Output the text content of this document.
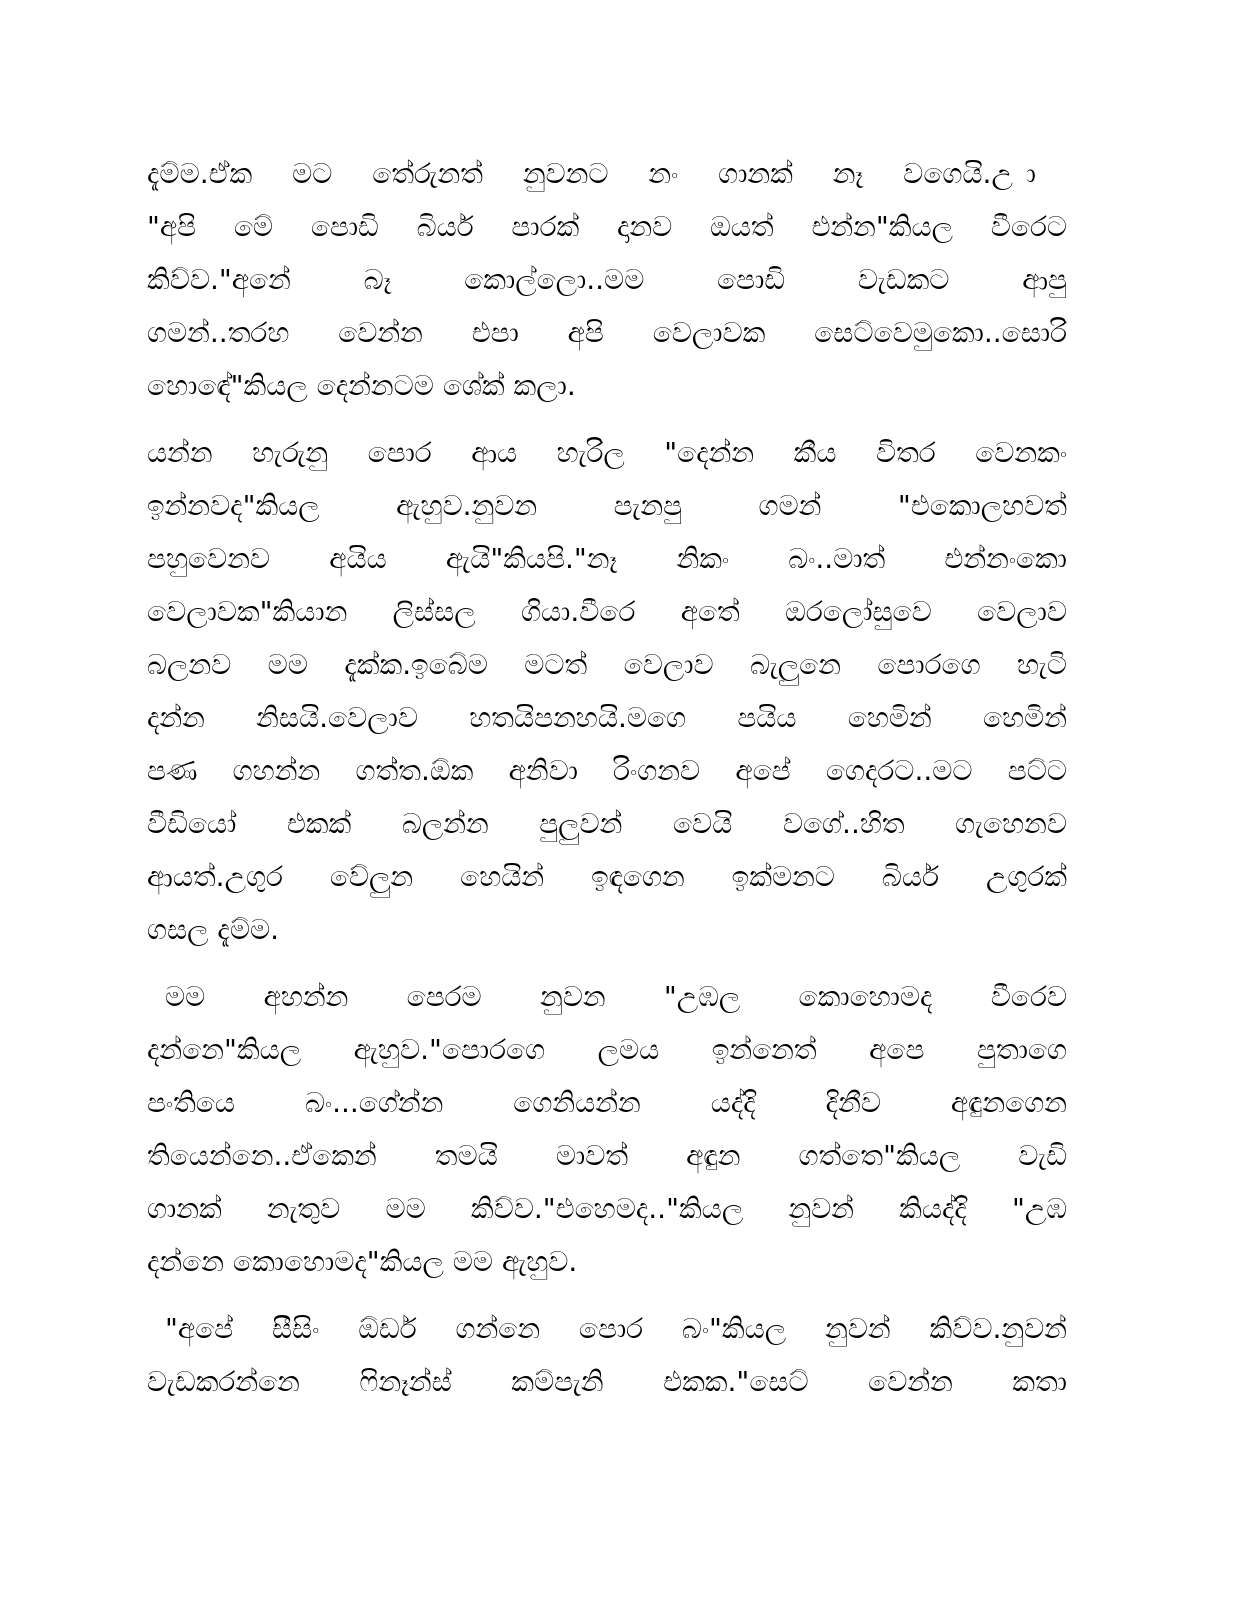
දැම්ම.ඒක මට තේරුනත් නුවනට නං ගානක් නෑ වගෙයි.උ ා
"අපි මේ පොඩි බියර් පාරක් දානව ඔයත් එන්න"කියල වීරෙට
කිව්ව."අනේ බෑ කොල්ලො..මම පොඩි වැඩකට ආපු
ගමන්..තරහ වෙන්න එපා අපි වෙලාවක සෙට්වෙමුකො..සොරි
හොඳේ"කියල දෙන්නටම ශේක් කලා.
යන්න හැරුනු පොර ආය හැරිල "දෙන්න කීය විතර වෙනකං
ඉන්නවද"කියල ඇහුව.නුවන පැනපු ගමන් "එකොලහවත්
පහුවෙනව අයිය ඇයි"කියපි."නෑ නිකං බං..මාත් එන්නංකො
වෙලාවක"කියාන ලිස්සල ගියා.වීරෙ අතේ ඔරලෝසුවෙ වෙලාව
බලනව මම දැක්ක.ඉබේම මටත් වෙලාව බැලුනෙ පොරගෙ හැටි
දන්න නිසයි.වෙලාව හතයිපනහයි.මගෙ පයිය හෙමින් හෙමින්
පණ ගහන්න ගත්ත.ඕක අනිවා රිංගනව අපේ ගෙදරට..මට පට්ට
වීඩියෝ එකක් බලන්න පුලුවන් වෙයි වගේ..හිත ගැහෙනව
ආයත්.උගුර වේලුන හෙයින් ඉඳගෙන ඉක්මනට බියර් උගුරක්
ගසල දැම්ම.
මම අහන්න පෙරම නුවන "උඹල කොහොමද වීරෙව
දන්නෙ"කියල ඇහුව."පොරගෙ ලමය ඉන්නෙත් අපෙ පුතාගෙ
පංතියෙ බං...ගේන්න ගෙනියන්න යද්දි දිනීව අඳුනගෙන
තියෙන්නෙ..ඒකෙන් තමයි මාවත් අඳුන ගත්තෙ"කියල වැඩි
ගානක් නැතුව මම කිව්ව."එහෙමද.."කියල නුවන් කියද්දි "උඹ
දන්නෙ කොහොමද"කියල මම ඇහුව.
"අපේ සීසිං ඕඩර් ගන්නෙ පොර බං"කියල නුවන් කිව්ව.නුවන්
වැඩකරන්නෙ ෆිනෑන්ස් කම්පැනි එකක."සෙට් වෙන්න කතා
